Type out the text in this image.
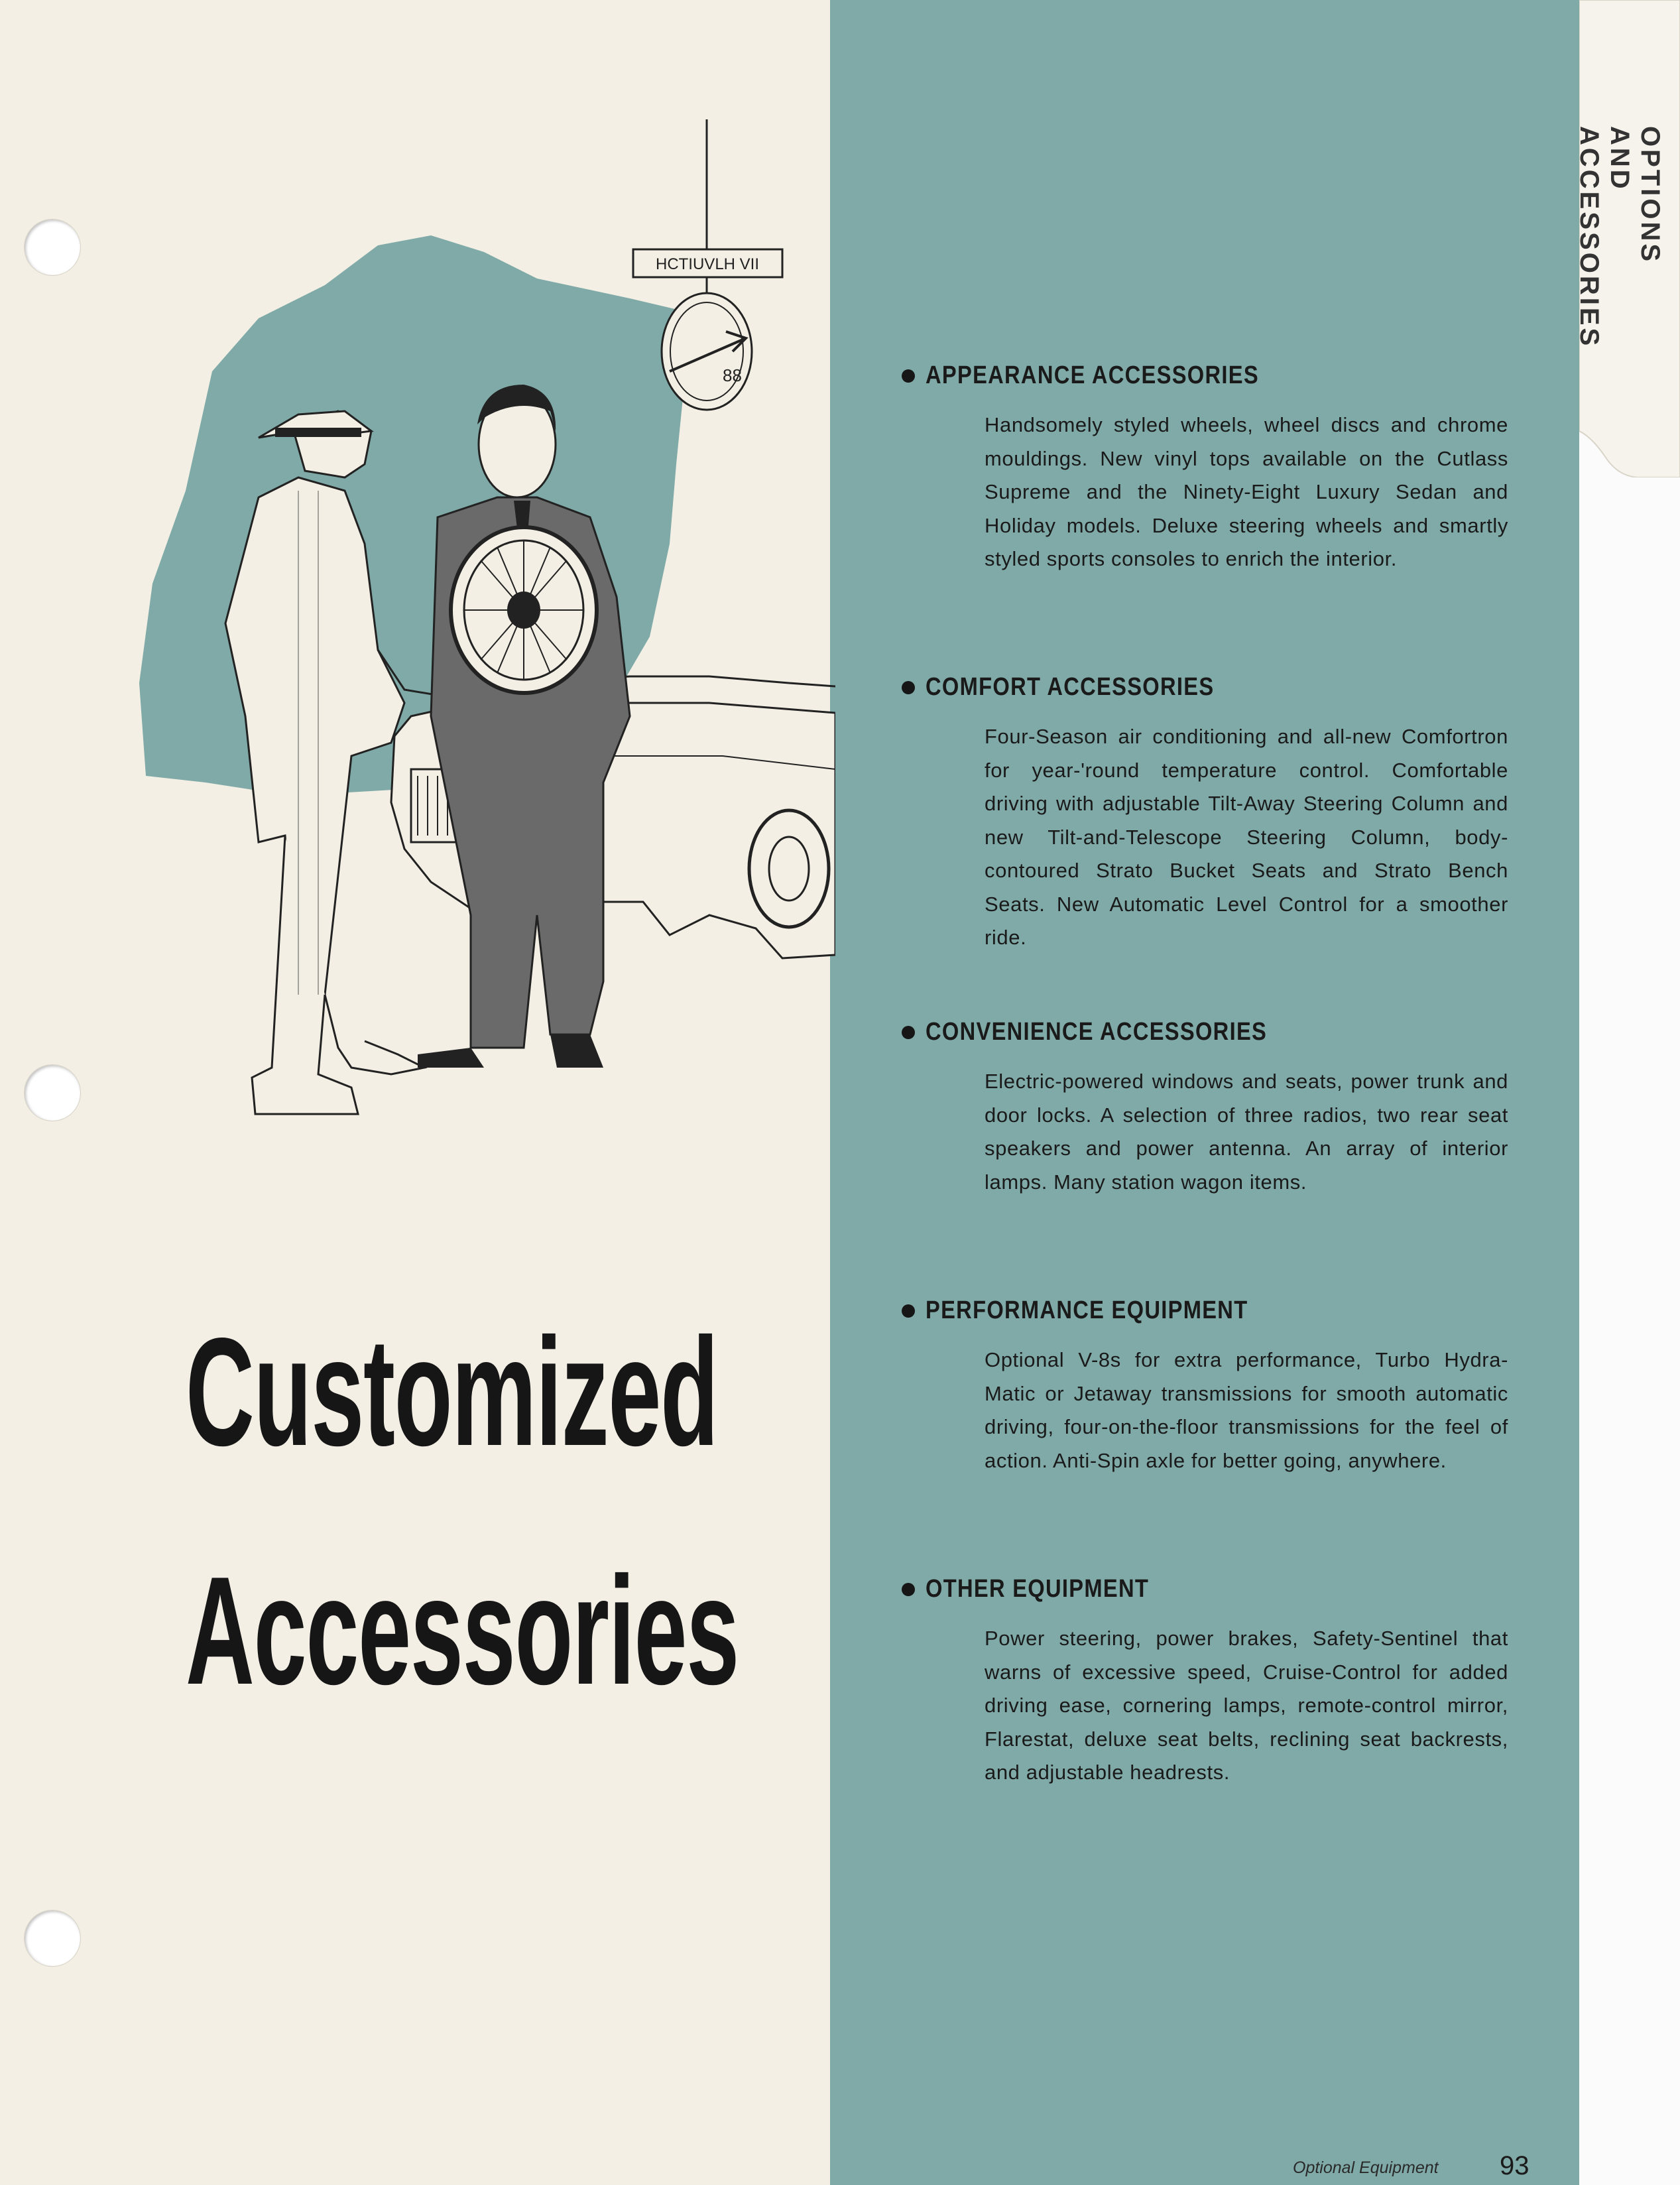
OPTIONS AND ACCESSORIES
HCTIUVLH VII
88
Customized
Accessories
APPEARANCE ACCESSORIES
Handsomely styled wheels, wheel discs and chrome mouldings. New vinyl tops available on the Cutlass Supreme and the Ninety-Eight Luxury Sedan and Holiday models. Deluxe steering wheels and smartly styled sports consoles to enrich the interior.
COMFORT ACCESSORIES
Four-Season air conditioning and all-new Comfortron for year-'round temperature control. Comfortable driving with adjustable Tilt-Away Steering Column and new Tilt-and-Telescope Steering Column, body-contoured Strato Bucket Seats and Strato Bench Seats. New Automatic Level Control for a smoother ride.
CONVENIENCE ACCESSORIES
Electric-powered windows and seats, power trunk and door locks. A selection of three radios, two rear seat speakers and power antenna. An array of interior lamps. Many station wagon items.
PERFORMANCE EQUIPMENT
Optional V-8s for extra performance, Turbo Hydra-Matic or Jetaway transmissions for smooth automatic driving, four-on-the-floor transmissions for the feel of action. Anti-Spin axle for better going, anywhere.
OTHER EQUIPMENT
Power steering, power brakes, Safety-Sentinel that warns of excessive speed, Cruise-Control for added driving ease, cornering lamps, remote-control mirror, Flarestat, deluxe seat belts, reclining seat backrests, and adjustable headrests.
Optional Equipment 93
